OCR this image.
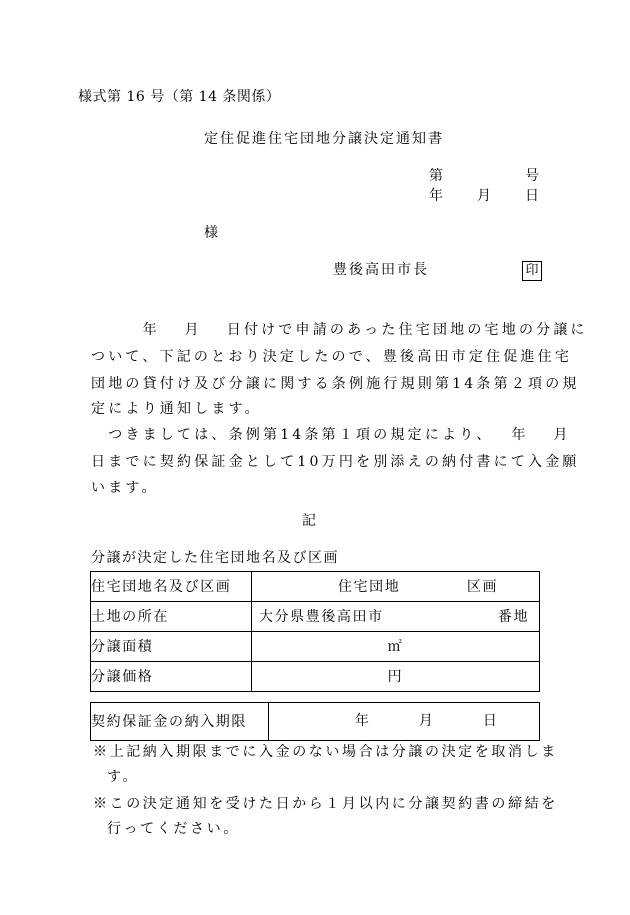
様式第 16 号（第 14 条関係）
定住促進住宅団地分譲決定通知書
第	号
年 月 日
様
豊後高田市長	印
　　　年　 月　 日付けで申請のあった住宅団地の宅地の分譲に
ついて、下記のとおり決定したので、豊後高田市定住促進住宅
団地の貸付け及び分譲に関する条例施行規則第14条第２項の規
定により通知します。
　つきましては、条例第14条第１項の規定により、　 年　 月
日までに契約保証金として10万円を別添えの納付書にて入金願
います。
記
分譲が決定した住宅団地名及び区画
住宅団地名及び区画	住宅団地 区画

土地の所在	大分県豊後高田市 番地

分譲面積	㎡
分譲価格	円
契約保証金の納入期限	年	月	日
※上記納入期限までに入金のない場合は分譲の決定を取消しま
す。
※この決定通知を受けた日から１月以内に分譲契約書の締結を
行ってください。
